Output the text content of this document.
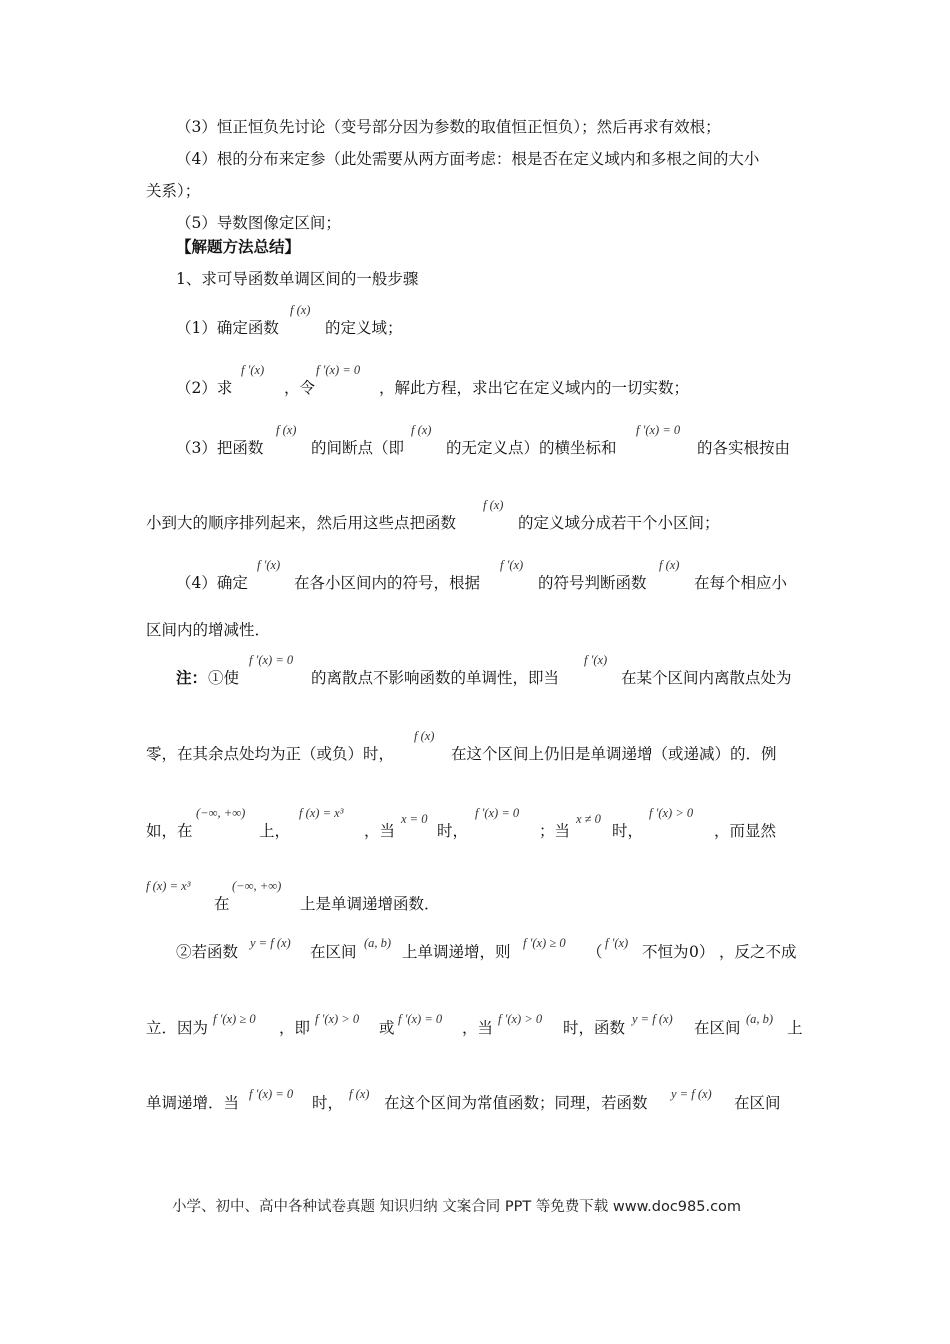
（3）恒正恒负先讨论（变号部分因为参数的取值恒正恒负）；然后再求有效根；
（4）根的分布来定参（此处需要从两方面考虑：根是否在定义域内和多根之间的大小
关系）；
（5）导数图像定区间；
【解题方法总结】
1、求可导函数单调区间的一般步骤
f (x)
（1）确定函数	的定义域；
f ′(x)	f ′(x) = 0
（2）求	，令	，解此方程，求出它在定义域内的一切实数；
f (x)	f (x)	f ′(x) = 0
（3）把函数	的间断点（即	的无定义点）的横坐标和	的各实根按由
f (x)
小到大的顺序排列起来，然后用这些点把函数	的定义域分成若干个小区间；
f ′(x)	f ′(x)	f (x)
（4）确定	在各小区间内的符号，根据	的符号判断函数	在每个相应小
区间内的增减性．
f ′(x) = 0	f ′(x)
注： ①使	的离散点不影响函数的单调性，即当	在某个区间内离散点处为
f (x)
零，在其余点处均为正（或负）时，	在这个区间上仍旧是单调递增（或递减）的．例
(−∞, +∞)	f (x) = x³	x = 0	f ′(x) = 0	x ≠ 0	f ′(x) > 0
如，在	上，	，当	时，	；当	时，	，而显然
f (x) = x³	(−∞, +∞)
在	上是单调递增函数．
y = f (x)	(a, b)	f ′(x) ≥ 0	f ′(x)
②若函数	在区间	上单调递增，则	（	不恒为 0） ，反之不成
f ′(x) ≥ 0	f ′(x) > 0	f ′(x) = 0	f ′(x) > 0	y = f (x)	(a, b)
立．因为	，即	或	，当	时，函数	在区间	上
f ′(x) = 0	f (x)	y = f (x)
单调递增．当	时，	在这个区间为常值函数；同理，若函数	在区间
小学、初中、高中各种试卷真题 知识归纳 文案合同 PPT 等免费下载 www.doc985.com
